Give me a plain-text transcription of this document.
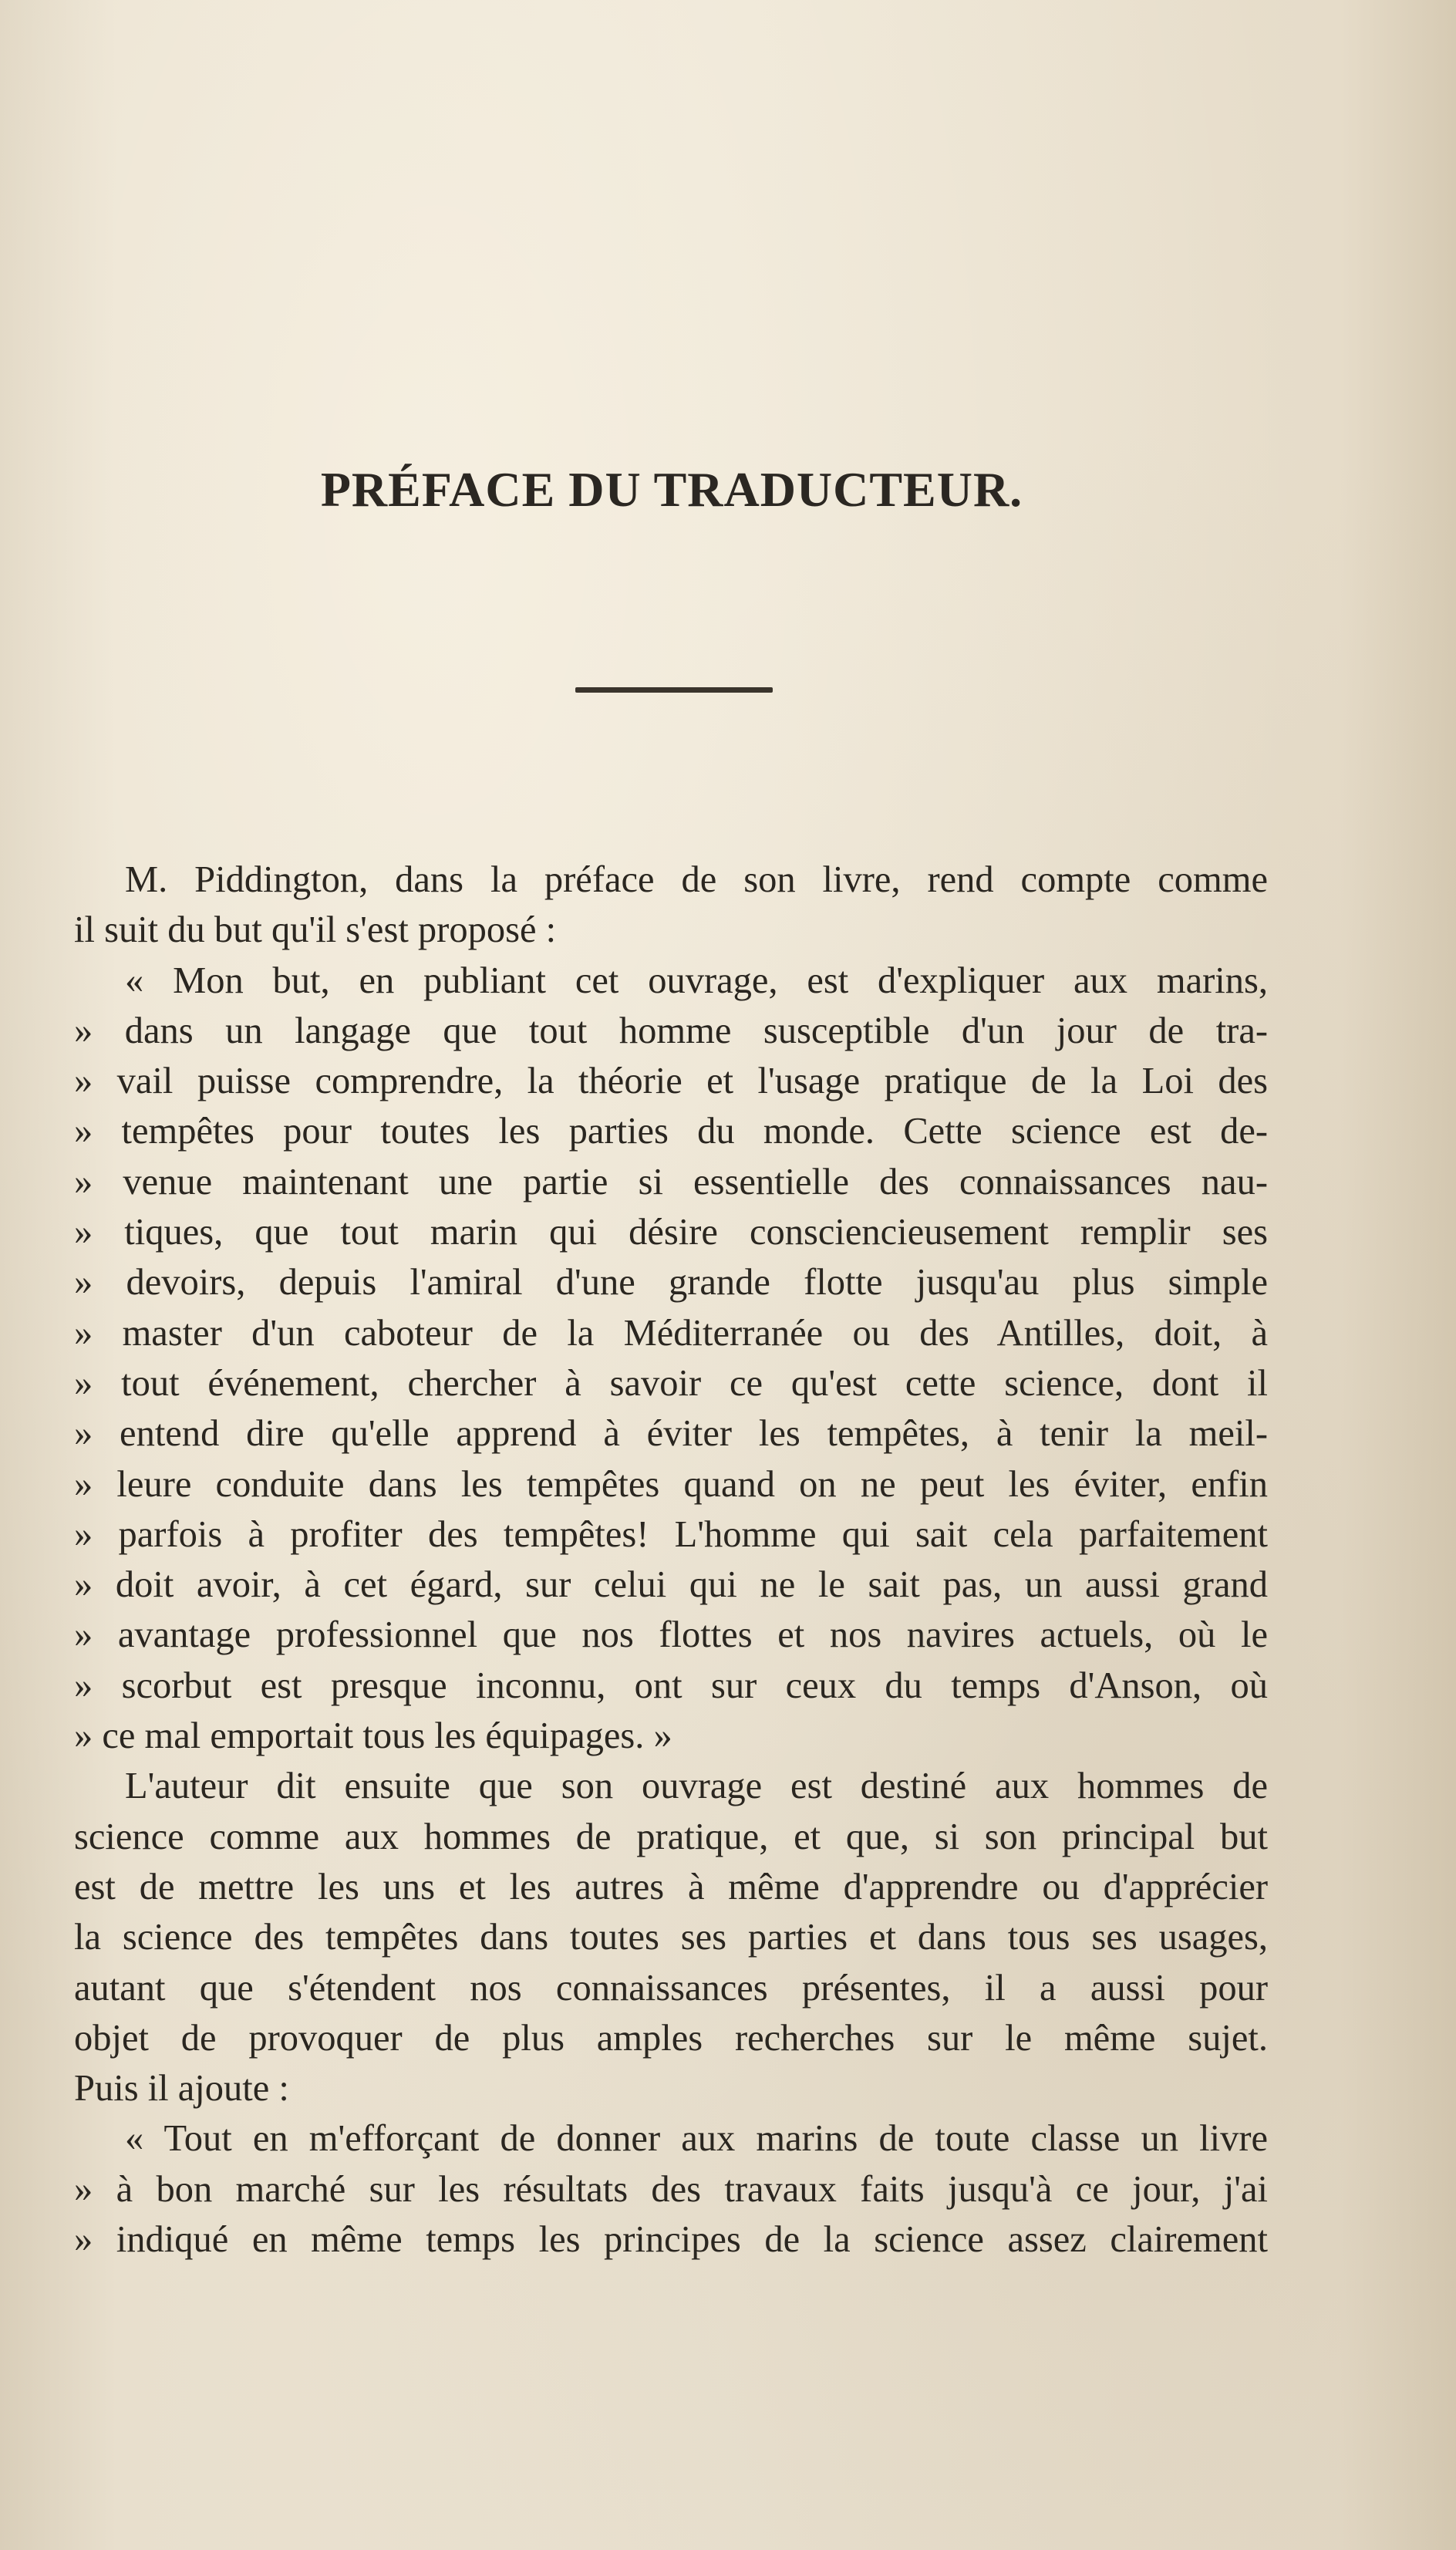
PRÉFACE DU TRADUCTEUR.
M. Piddington, dans la préface de son livre, rend compte comme
il suit du but qu'il s'est proposé :
« Mon but, en publiant cet ouvrage, est d'expliquer aux marins,
» dans un langage que tout homme susceptible d'un jour de tra-
» vail puisse comprendre, la théorie et l'usage pratique de la Loi des
» tempêtes pour toutes les parties du monde. Cette science est de-
» venue maintenant une partie si essentielle des connaissances nau-
» tiques, que tout marin qui désire consciencieusement remplir ses
» devoirs, depuis l'amiral d'une grande flotte jusqu'au plus simple
» master d'un caboteur de la Méditerranée ou des Antilles, doit, à
» tout événement, chercher à savoir ce qu'est cette science, dont il
» entend dire qu'elle apprend à éviter les tempêtes, à tenir la meil-
» leure conduite dans les tempêtes quand on ne peut les éviter, enfin
» parfois à profiter des tempêtes! L'homme qui sait cela parfaitement
» doit avoir, à cet égard, sur celui qui ne le sait pas, un aussi grand
» avantage professionnel que nos flottes et nos navires actuels, où le
» scorbut est presque inconnu, ont sur ceux du temps d'Anson, où
» ce mal emportait tous les équipages. »
L'auteur dit ensuite que son ouvrage est destiné aux hommes de
science comme aux hommes de pratique, et que, si son principal but
est de mettre les uns et les autres à même d'apprendre ou d'apprécier
la science des tempêtes dans toutes ses parties et dans tous ses usages,
autant que s'étendent nos connaissances présentes, il a aussi pour
objet de provoquer de plus amples recherches sur le même sujet.
Puis il ajoute :
« Tout en m'efforçant de donner aux marins de toute classe un livre
» à bon marché sur les résultats des travaux faits jusqu'à ce jour, j'ai
» indiqué en même temps les principes de la science assez clairement
